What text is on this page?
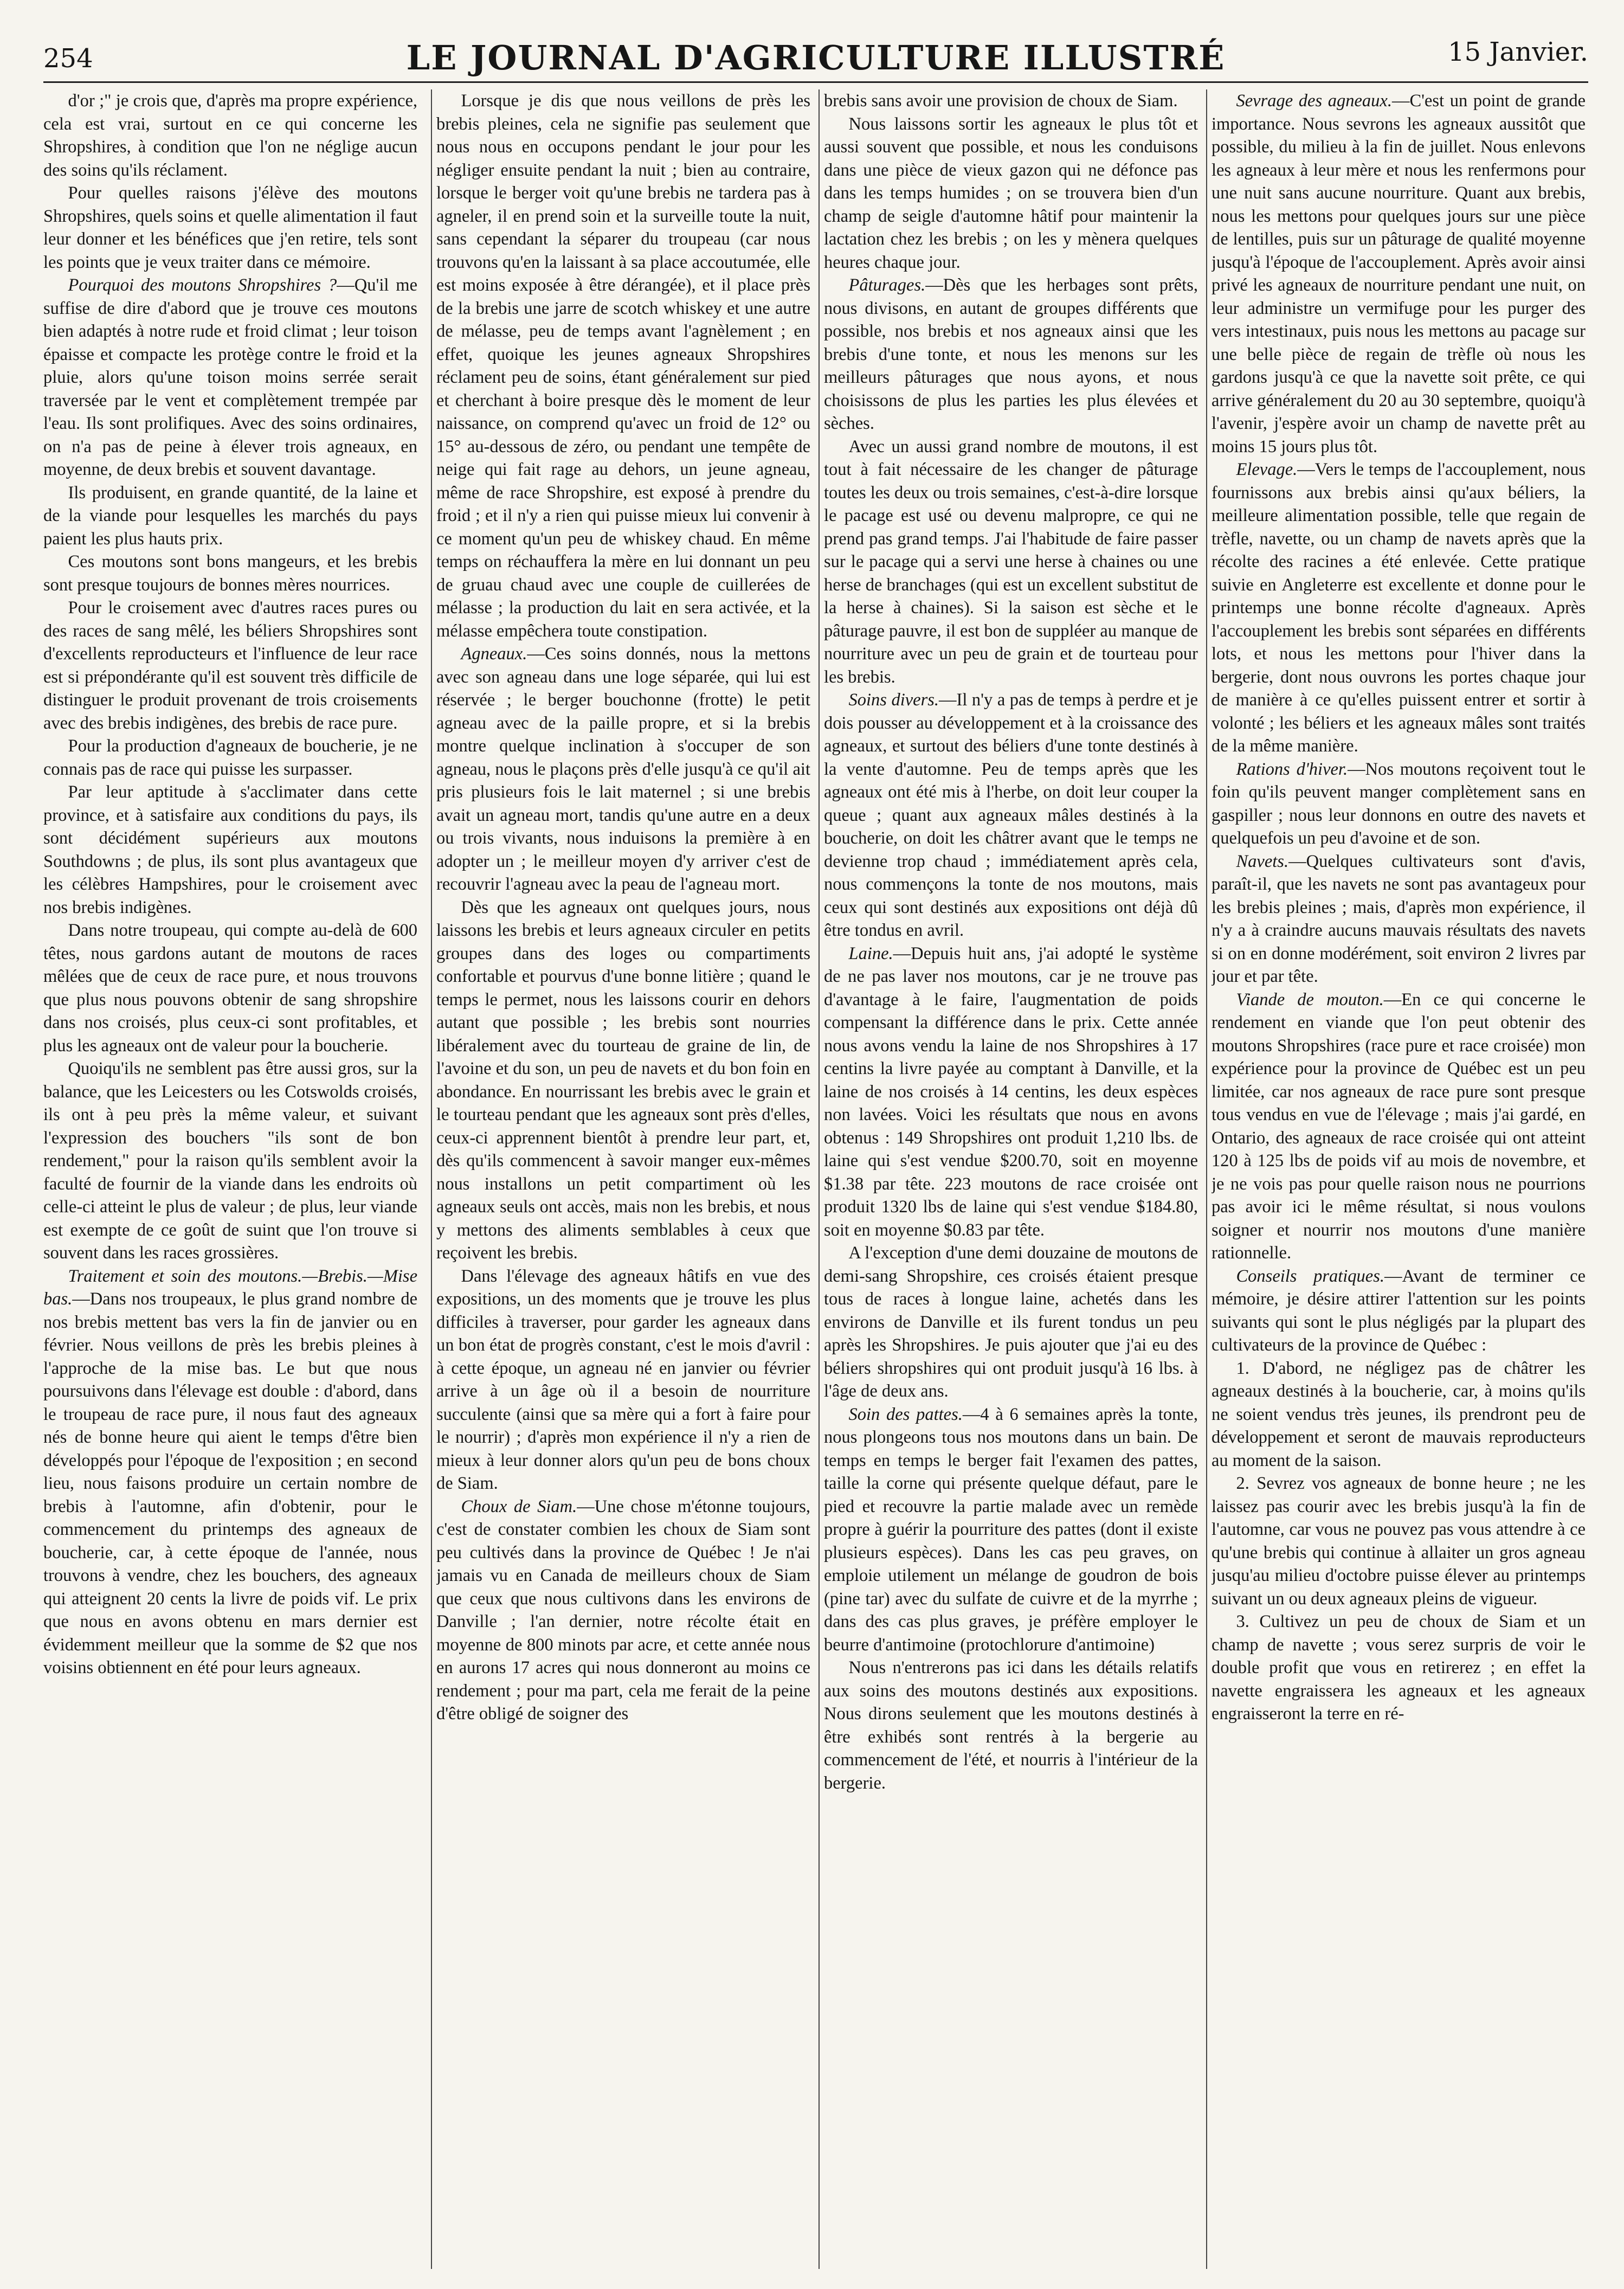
254	LE JOURNAL D'AGRICULTURE ILLUSTRÉ	15 Janvier.

d'or ;" je crois que, d'après ma propre expérience, cela est vrai, surtout en ce qui concerne les Shropshires, à condition que l'on ne néglige aucun des soins qu'ils réclament.

Pour quelles raisons j'élève des moutons Shropshires, quels soins et quelle alimentation il faut leur donner et les bénéfices que j'en retire, tels sont les points que je veux traiter dans ce mémoire.

Pourquoi des moutons Shropshires ?—Qu'il me suffise de dire d'abord que je trouve ces moutons bien adaptés à notre rude et froid climat ; leur toison épaisse et compacte les protège contre le froid et la pluie, alors qu'une toison moins serrée serait traversée par le vent et complètement trempée par l'eau. Ils sont prolifiques. Avec des soins ordinaires, on n'a pas de peine à élever trois agneaux, en moyenne, de deux brebis et souvent davantage.

Ils produisent, en grande quantité, de la laine et de la viande pour lesquelles les marchés du pays paient les plus hauts prix.

Ces moutons sont bons mangeurs, et les brebis sont presque toujours de bonnes mères nourrices.

Pour le croisement avec d'autres races pures ou des races de sang mêlé, les béliers Shropshires sont d'excellents reproducteurs et l'influence de leur race est si prépondérante qu'il est souvent très difficile de distinguer le produit provenant de trois croisements avec des brebis indigènes, des brebis de race pure.

Pour la production d'agneaux de boucherie, je ne connais pas de race qui puisse les surpasser.

Par leur aptitude à s'acclimater dans cette province, et à satisfaire aux conditions du pays, ils sont décidément supérieurs aux moutons Southdowns ; de plus, ils sont plus avantageux que les célèbres Hampshires, pour le croisement avec nos brebis indigènes.

Dans notre troupeau, qui compte au-delà de 600 têtes, nous gardons autant de moutons de races mêlées que de ceux de race pure, et nous trouvons que plus nous pouvons obtenir de sang shropshire dans nos croisés, plus ceux-ci sont profitables, et plus les agneaux ont de valeur pour la boucherie.

Quoiqu'ils ne semblent pas être aussi gros, sur la balance, que les Leicesters ou les Cotswolds croisés, ils ont à peu près la même valeur, et suivant l'expression des bouchers "ils sont de bon rendement," pour la raison qu'ils semblent avoir la faculté de fournir de la viande dans les endroits où celle-ci atteint le plus de valeur ; de plus, leur viande est exempte de ce goût de suint que l'on trouve si souvent dans les races grossières.

Traitement et soin des moutons.—Brebis.—Mise bas.—Dans nos troupeaux, le plus grand nombre de nos brebis mettent bas vers la fin de janvier ou en février. Nous veillons de près les brebis pleines à l'approche de la mise bas. Le but que nous poursuivons dans l'élevage est double : d'abord, dans le troupeau de race pure, il nous faut des agneaux nés de bonne heure qui aient le temps d'être bien développés pour l'époque de l'exposition ; en second lieu, nous faisons produire un certain nombre de brebis à l'automne, afin d'obtenir, pour le commencement du printemps des agneaux de boucherie, car, à cette époque de l'année, nous trouvons à vendre, chez les bouchers, des agneaux qui atteignent 20 cents la livre de poids vif. Le prix que nous en avons obtenu en mars dernier est évidemment meilleur que la somme de $2 que nos voisins obtiennent en été pour leurs agneaux.

Lorsque je dis que nous veillons de près les brebis pleines, cela ne signifie pas seulement que nous nous en occupons pendant le jour pour les négliger ensuite pendant la nuit ; bien au contraire, lorsque le berger voit qu'une brebis ne tardera pas à agneler, il en prend soin et la surveille toute la nuit, sans cependant la séparer du troupeau (car nous trouvons qu'en la laissant à sa place accoutumée, elle est moins exposée à être dérangée), et il place près de la brebis une jarre de scotch whiskey et une autre de mélasse, peu de temps avant l'agnèlement ; en effet, quoique les jeunes agneaux Shropshires réclament peu de soins, étant généralement sur pied et cherchant à boire presque dès le moment de leur naissance, on comprend qu'avec un froid de 12° ou 15° au-dessous de zéro, ou pendant une tempête de neige qui fait rage au dehors, un jeune agneau, même de race Shropshire, est exposé à prendre du froid ; et il n'y a rien qui puisse mieux lui convenir à ce moment qu'un peu de whiskey chaud. En même temps on réchauffera la mère en lui donnant un peu de gruau chaud avec une couple de cuillerées de mélasse ; la production du lait en sera activée, et la mélasse empêchera toute constipation.

Agneaux.—Ces soins donnés, nous la mettons avec son agneau dans une loge séparée, qui lui est réservée ; le berger bouchonne (frotte) le petit agneau avec de la paille propre, et si la brebis montre quelque inclination à s'occuper de son agneau, nous le plaçons près d'elle jusqu'à ce qu'il ait pris plusieurs fois le lait maternel ; si une brebis avait un agneau mort, tandis qu'une autre en a deux ou trois vivants, nous induisons la première à en adopter un ; le meilleur moyen d'y arriver c'est de recouvrir l'agneau avec la peau de l'agneau mort.

Dès que les agneaux ont quelques jours, nous laissons les brebis et leurs agneaux circuler en petits groupes dans des loges ou compartiments confortable et pourvus d'une bonne litière ; quand le temps le permet, nous les laissons courir en dehors autant que possible ; les brebis sont nourries libéralement avec du tourteau de graine de lin, de l'avoine et du son, un peu de navets et du bon foin en abondance. En nourrissant les brebis avec le grain et le tourteau pendant que les agneaux sont près d'elles, ceux-ci apprennent bientôt à prendre leur part, et, dès qu'ils commencent à savoir manger eux-mêmes nous installons un petit compartiment où les agneaux seuls ont accès, mais non les brebis, et nous y mettons des aliments semblables à ceux que reçoivent les brebis.

Dans l'élevage des agneaux hâtifs en vue des expositions, un des moments que je trouve les plus difficiles à traverser, pour garder les agneaux dans un bon état de progrès constant, c'est le mois d'avril : à cette époque, un agneau né en janvier ou février arrive à un âge où il a besoin de nourriture succulente (ainsi que sa mère qui a fort à faire pour le nourrir) ; d'après mon expérience il n'y a rien de mieux à leur donner alors qu'un peu de bons choux de Siam.

Choux de Siam.—Une chose m'étonne toujours, c'est de constater combien les choux de Siam sont peu cultivés dans la province de Québec ! Je n'ai jamais vu en Canada de meilleurs choux de Siam que ceux que nous cultivons dans les environs de Danville ; l'an dernier, notre récolte était en moyenne de 800 minots par acre, et cette année nous en aurons 17 acres qui nous donneront au moins ce rendement ; pour ma part, cela me ferait de la peine d'être obligé de soigner des

brebis sans avoir une provision de choux de Siam.

Nous laissons sortir les agneaux le plus tôt et aussi souvent que possible, et nous les conduisons dans une pièce de vieux gazon qui ne défonce pas dans les temps humides ; on se trouvera bien d'un champ de seigle d'automne hâtif pour maintenir la lactation chez les brebis ; on les y mènera quelques heures chaque jour.

Pâturages.—Dès que les herbages sont prêts, nous divisons, en autant de groupes différents que possible, nos brebis et nos agneaux ainsi que les brebis d'une tonte, et nous les menons sur les meilleurs pâturages que nous ayons, et nous choisissons de plus les parties les plus élevées et sèches.

Avec un aussi grand nombre de moutons, il est tout à fait nécessaire de les changer de pâturage toutes les deux ou trois semaines, c'est-à-dire lorsque le pacage est usé ou devenu malpropre, ce qui ne prend pas grand temps. J'ai l'habitude de faire passer sur le pacage qui a servi une herse à chaines ou une herse de branchages (qui est un excellent substitut de la herse à chaines). Si la saison est sèche et le pâturage pauvre, il est bon de suppléer au manque de nourriture avec un peu de grain et de tourteau pour les brebis.

Soins divers.—Il n'y a pas de temps à perdre et je dois pousser au développement et à la croissance des agneaux, et surtout des béliers d'une tonte destinés à la vente d'automne. Peu de temps après que les agneaux ont été mis à l'herbe, on doit leur couper la queue ; quant aux agneaux mâles destinés à la boucherie, on doit les châtrer avant que le temps ne devienne trop chaud ; immédiatement après cela, nous commençons la tonte de nos moutons, mais ceux qui sont destinés aux expositions ont déjà dû être tondus en avril.

Laine.—Depuis huit ans, j'ai adopté le système de ne pas laver nos moutons, car je ne trouve pas d'avantage à le faire, l'augmentation de poids compensant la différence dans le prix. Cette année nous avons vendu la laine de nos Shropshires à 17 centins la livre payée au comptant à Danville, et la laine de nos croisés à 14 centins, les deux espèces non lavées. Voici les résultats que nous en avons obtenus : 149 Shropshires ont produit 1,210 lbs. de laine qui s'est vendue $200.70, soit en moyenne $1.38 par tête. 223 moutons de race croisée ont produit 1320 lbs de laine qui s'est vendue $184.80, soit en moyenne $0.83 par tête.

A l'exception d'une demi douzaine de moutons de demi-sang Shropshire, ces croisés étaient presque tous de races à longue laine, achetés dans les environs de Danville et ils furent tondus un peu après les Shropshires. Je puis ajouter que j'ai eu des béliers shropshires qui ont produit jusqu'à 16 lbs. à l'âge de deux ans.

Soin des pattes.—4 à 6 semaines après la tonte, nous plongeons tous nos moutons dans un bain. De temps en temps le berger fait l'examen des pattes, taille la corne qui présente quelque défaut, pare le pied et recouvre la partie malade avec un remède propre à guérir la pourriture des pattes (dont il existe plusieurs espèces). Dans les cas peu graves, on emploie utilement un mélange de goudron de bois (pine tar) avec du sulfate de cuivre et de la myrrhe ; dans des cas plus graves, je préfère employer le beurre d'antimoine (protochlorure d'antimoine)

Nous n'entrerons pas ici dans les détails relatifs aux soins des moutons destinés aux expositions. Nous dirons seulement que les moutons destinés à être exhibés sont rentrés à la bergerie au commencement de l'été, et nourris à l'intérieur de la bergerie.

Sevrage des agneaux.—C'est un point de grande importance. Nous sevrons les agneaux aussitôt que possible, du milieu à la fin de juillet. Nous enlevons les agneaux à leur mère et nous les renfermons pour une nuit sans aucune nourriture. Quant aux brebis, nous les mettons pour quelques jours sur une pièce de lentilles, puis sur un pâturage de qualité moyenne jusqu'à l'époque de l'accouplement. Après avoir ainsi privé les agneaux de nourriture pendant une nuit, on leur administre un vermifuge pour les purger des vers intestinaux, puis nous les mettons au pacage sur une belle pièce de regain de trèfle où nous les gardons jusqu'à ce que la navette soit prête, ce qui arrive généralement du 20 au 30 septembre, quoiqu'à l'avenir, j'espère avoir un champ de navette prêt au moins 15 jours plus tôt.

Elevage.—Vers le temps de l'accouplement, nous fournissons aux brebis ainsi qu'aux béliers, la meilleure alimentation possible, telle que regain de trèfle, navette, ou un champ de navets après que la récolte des racines a été enlevée. Cette pratique suivie en Angleterre est excellente et donne pour le printemps une bonne récolte d'agneaux. Après l'accouplement les brebis sont séparées en différents lots, et nous les mettons pour l'hiver dans la bergerie, dont nous ouvrons les portes chaque jour de manière à ce qu'elles puissent entrer et sortir à volonté ; les béliers et les agneaux mâles sont traités de la même manière.

Rations d'hiver.—Nos moutons reçoivent tout le foin qu'ils peuvent manger complètement sans en gaspiller ; nous leur donnons en outre des navets et quelquefois un peu d'avoine et de son.

Navets.—Quelques cultivateurs sont d'avis, paraît-il, que les navets ne sont pas avantageux pour les brebis pleines ; mais, d'après mon expérience, il n'y a à craindre aucuns mauvais résultats des navets si on en donne modérément, soit environ 2 livres par jour et par tête.

Viande de mouton.—En ce qui concerne le rendement en viande que l'on peut obtenir des moutons Shropshires (race pure et race croisée) mon expérience pour la province de Québec est un peu limitée, car nos agneaux de race pure sont presque tous vendus en vue de l'élevage ; mais j'ai gardé, en Ontario, des agneaux de race croisée qui ont atteint 120 à 125 lbs de poids vif au mois de novembre, et je ne vois pas pour quelle raison nous ne pourrions pas avoir ici le même résultat, si nous voulons soigner et nourrir nos moutons d'une manière rationnelle.

Conseils pratiques.—Avant de terminer ce mémoire, je désire attirer l'attention sur les points suivants qui sont le plus négligés par la plupart des cultivateurs de la province de Québec :

1. D'abord, ne négligez pas de châtrer les agneaux destinés à la boucherie, car, à moins qu'ils ne soient vendus très jeunes, ils prendront peu de développement et seront de mauvais reproducteurs au moment de la saison.

2. Sevrez vos agneaux de bonne heure ; ne les laissez pas courir avec les brebis jusqu'à la fin de l'automne, car vous ne pouvez pas vous attendre à ce qu'une brebis qui continue à allaiter un gros agneau jusqu'au milieu d'octobre puisse élever au printemps suivant un ou deux agneaux pleins de vigueur.

3. Cultivez un peu de choux de Siam et un champ de navette ; vous serez surpris de voir le double profit que vous en retirerez ; en effet la navette engraissera les agneaux et les agneaux engraisseront la terre en ré-
